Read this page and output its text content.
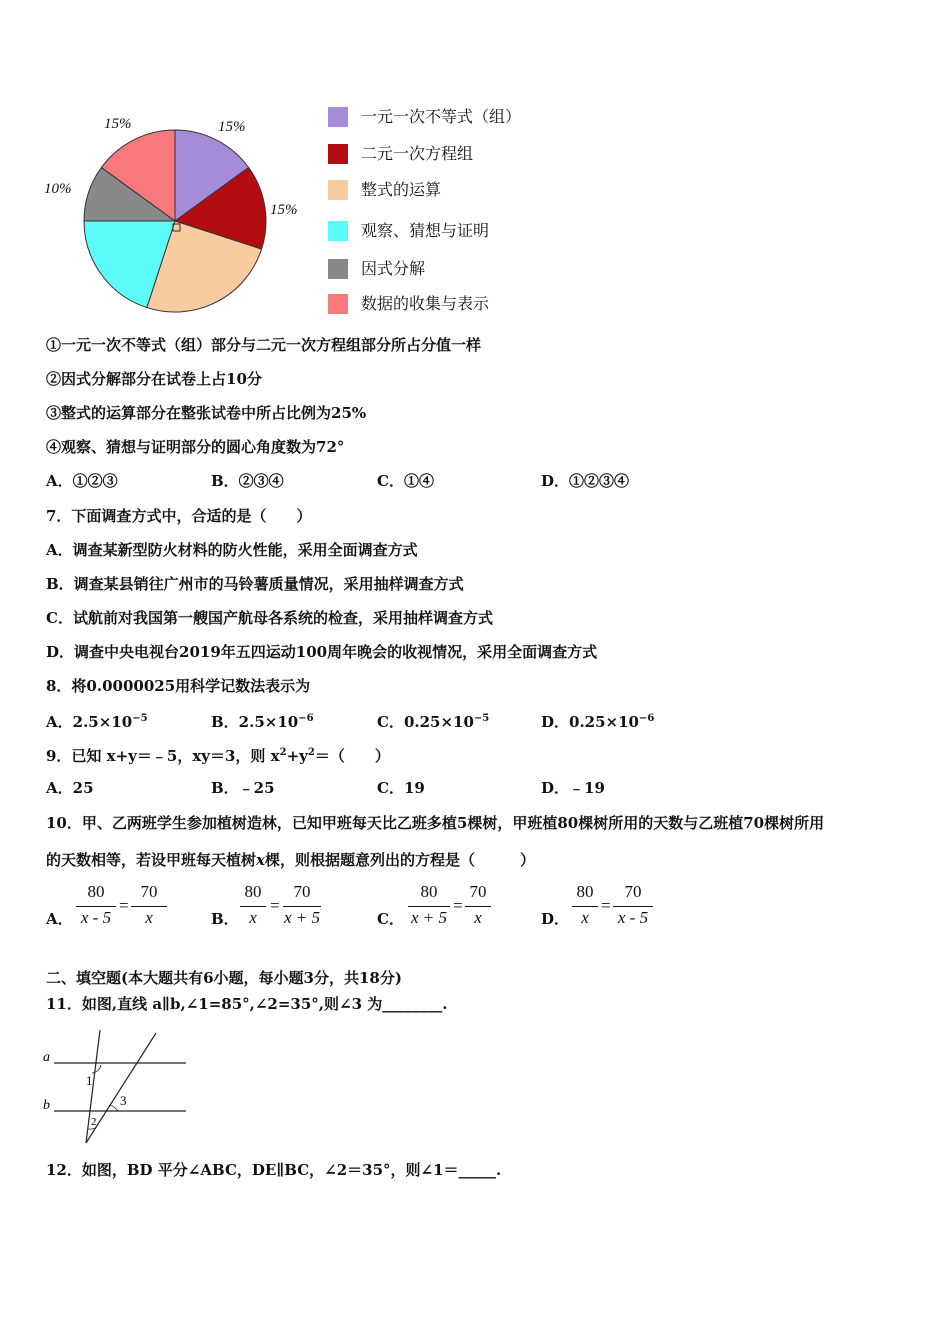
15%	15%
10%
15%
一元一次不等式（组）
二元一次方程组
整式的运算
观察、猜想与证明
因式分解
数据的收集与表示
①一元一次不等式（组）部分与二元一次方程组部分所占分值一样
②因式分解部分在试卷上占10分
③整式的运算部分在整张试卷中所占比例为25%
④观察、猜想与证明部分的圆心角度数为72°
A．①②③	B．②③④	C．①④	D．①②③④
7．下面调查方式中，合适的是（　　）
A．调查某新型防火材料的防火性能，采用全面调查方式
B．调查某县销往广州市的马铃薯质量情况，采用抽样调查方式
C．试航前对我国第一艘国产航母各系统的检查，采用抽样调查方式
D．调查中央电视台2019年五四运动100周年晚会的收视情况，采用全面调查方式
8．将0.0000025用科学记数法表示为
A．$2.5\times 10^{-5}$	B．$2.5\times 10^{-6}$	C．$0.25\times 10^{-5}$	D．$0.25\times 10^{-6}$
9．已知 x+y＝﹣5，xy＝3，则 $x^2+y^2=$（　　）
A．25	B．﹣25	C．19	D．﹣19
10．甲、乙两班学生参加植树造林，已知甲班每天比乙班多植5棵树，甲班植80棵树所用的天数与乙班植70棵树所用
的天数相等，若设甲班每天植树x棵，则根据题意列出的方程是（　　　）
A．
80
x - 5
=
70
x	B．
80
x
=
70
x + 5	C．
80
x + 5
=
70
x	D．
80
x
=
70
x - 5
二、填空题(本大题共有6小题，每小题3分，共18分)
11．如图,直线 a∥b,∠1=85°,∠2=35°,则∠3 为________.
a
b
1
3
2
12．如图，BD 平分∠ABC，DE∥BC，∠2＝35°，则∠1＝_____.
